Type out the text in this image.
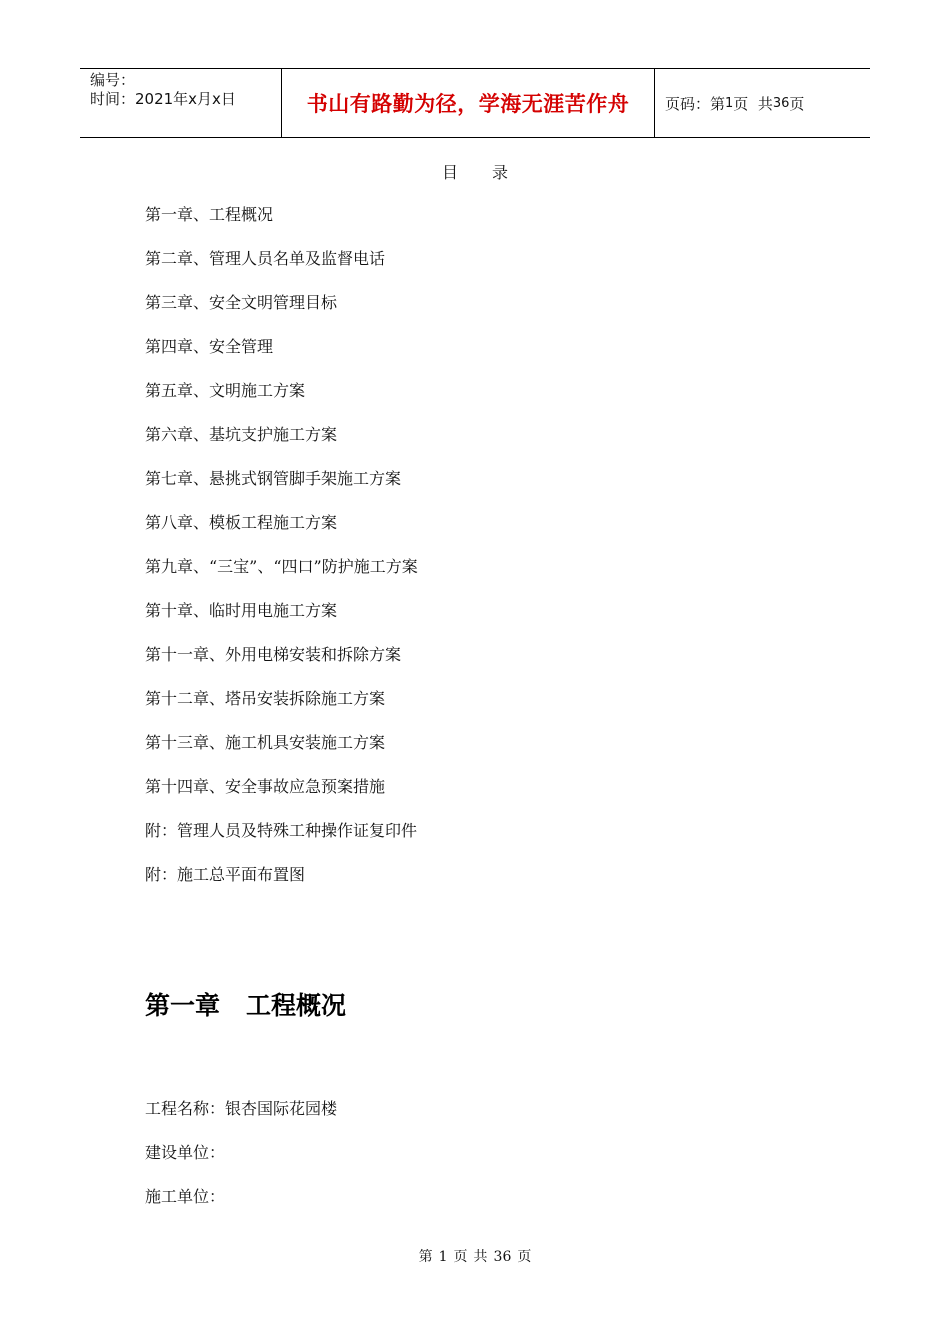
编号：
时间：2021年x月x日	书山有路勤为径，学海无涯苦作舟 页码：第 1 页  共 36 页
目 录
第一章、工程概况
第二章、管理人员名单及监督电话
第三章、安全文明管理目标
第四章、安全管理
第五章、文明施工方案
第六章、基坑支护施工方案
第七章、悬挑式钢管脚手架施工方案
第八章、模板工程施工方案
第九章、“三宝”、“四口”防护施工方案
第十章、临时用电施工方案
第十一章、外用电梯安装和拆除方案
第十二章、塔吊安装拆除施工方案
第十三章、施工机具安装施工方案
第十四章、安全事故应急预案措施
附：管理人员及特殊工种操作证复印件
附：施工总平面布置图
第一章 工程概况
工程名称：银杏国际花园楼
建设单位：
施工单位：
第 1 页 共 36 页
